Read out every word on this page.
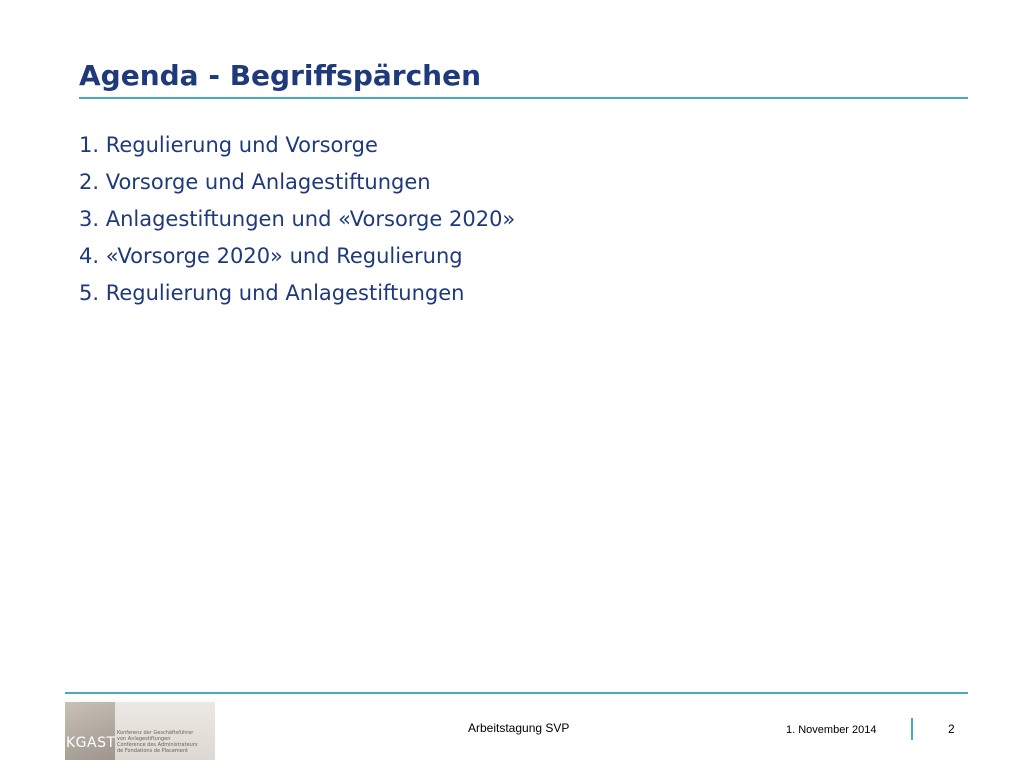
Agenda - Begriffspärchen
1. Regulierung und Vorsorge
2. Vorsorge und Anlagestiftungen
3. Anlagestiftungen und «Vorsorge 2020»
4. «Vorsorge 2020» und Regulierung
5. Regulierung und Anlagestiftungen
KGAST
Konferenz der Geschäftsführer
von Anlagestiftungen
Conférence des Administrateurs
de Fondations de Placement
Arbeitstagung SVP	1. November 2014	2
